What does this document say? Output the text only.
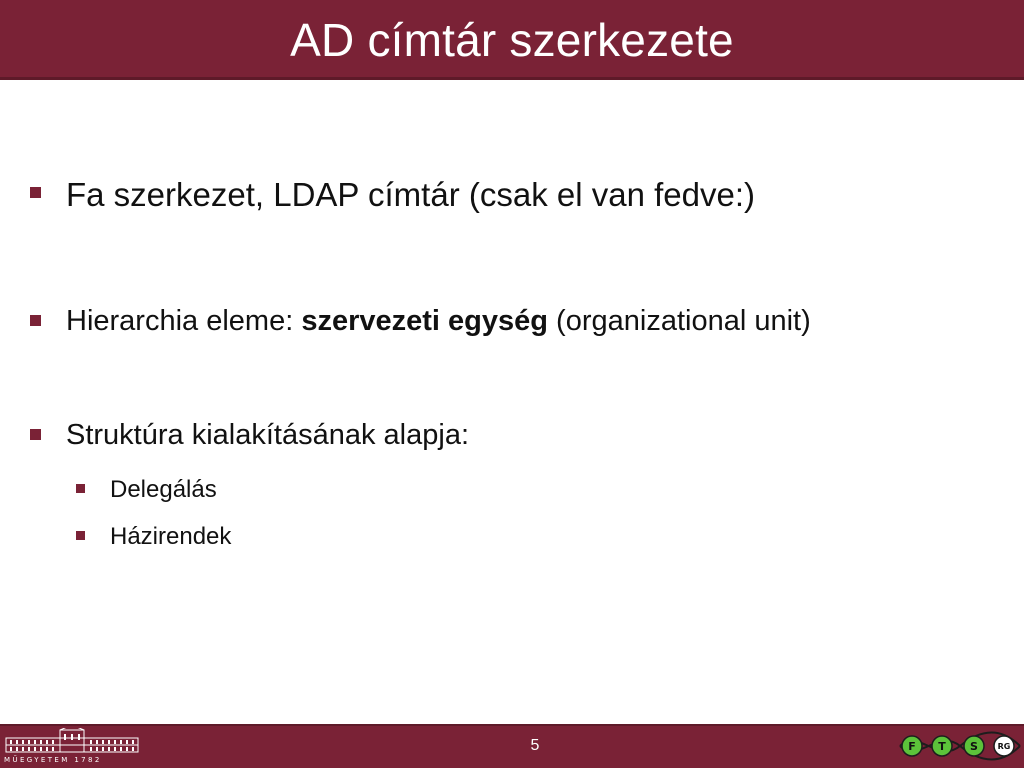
AD címtár szerkezete
Fa szerkezet, LDAP címtár (csak el van fedve:)
Hierarchia eleme: szervezeti egység (organizational unit)
Struktúra kialakításának alapja:
Delegálás
Házirendek
MŰEGYETEM 1782
5	F T S RG
